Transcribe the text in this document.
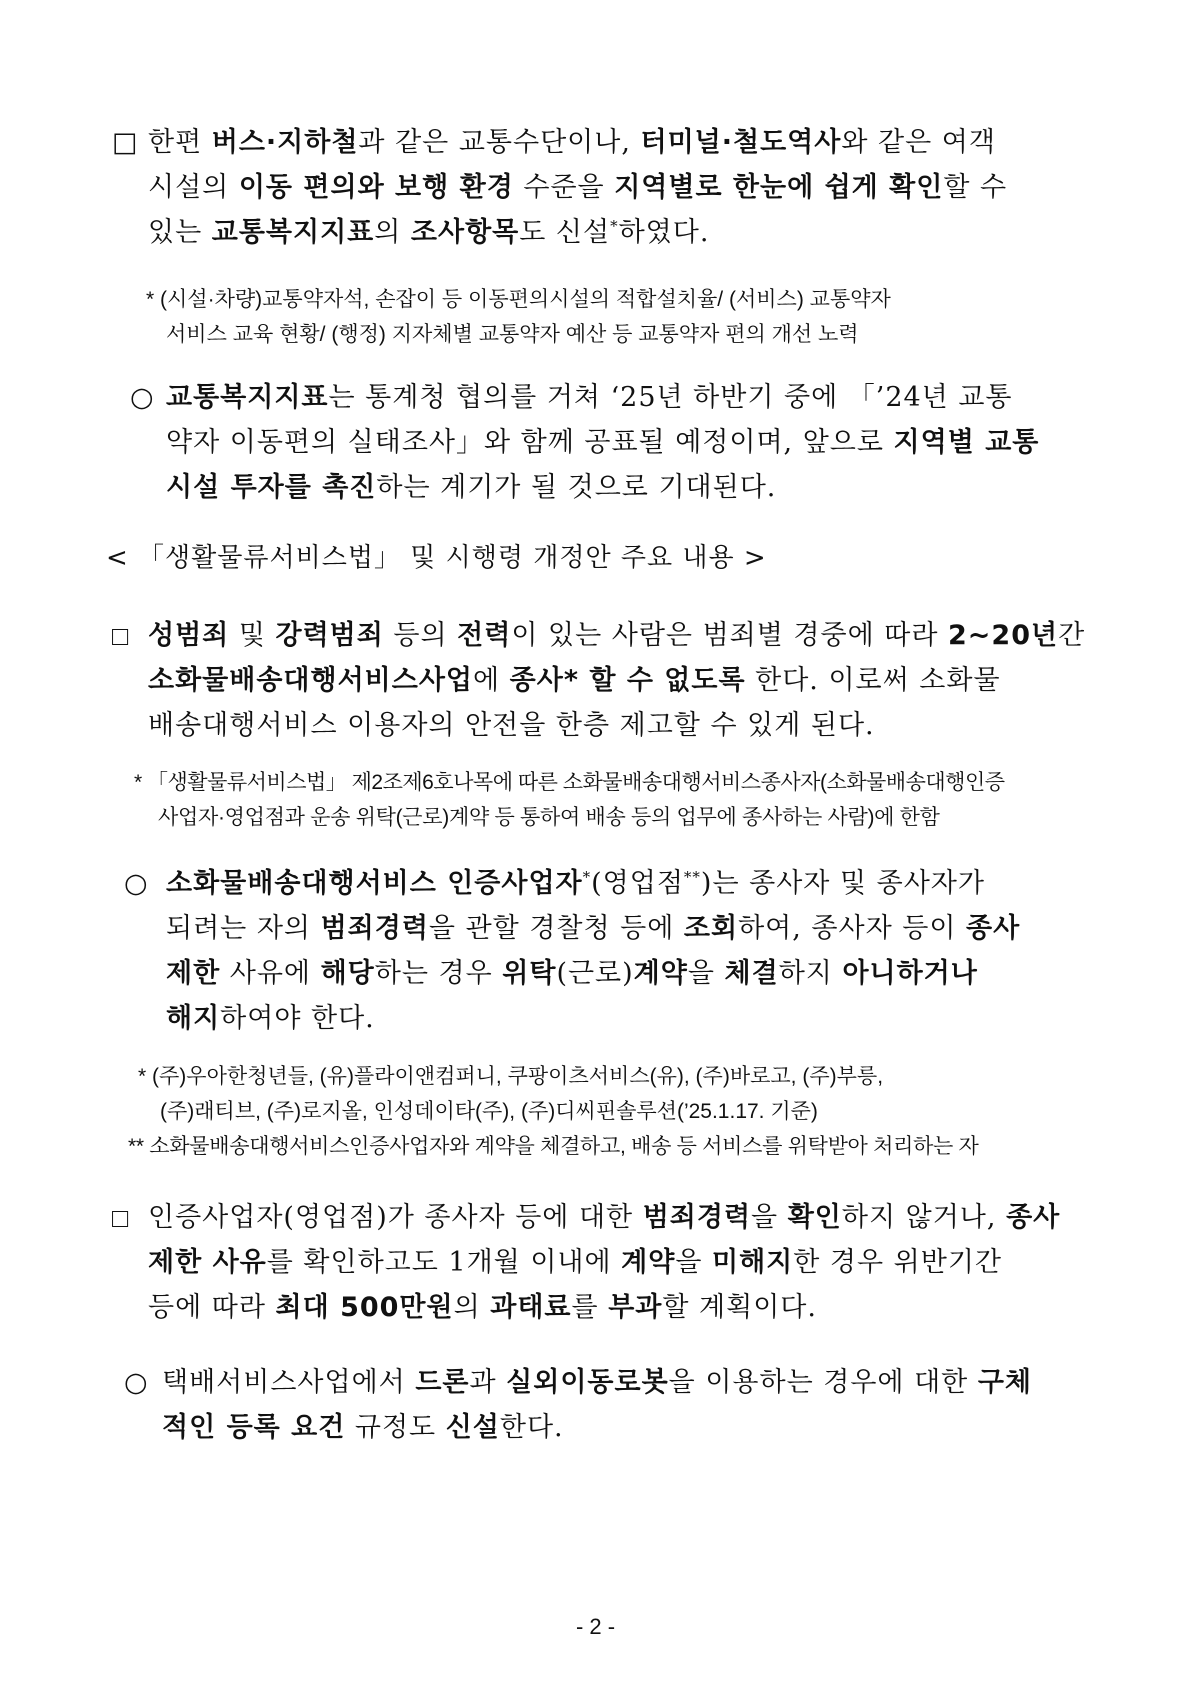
□ 한편 버스·지하철과 같은 교통수단이나, 터미널·철도역사와 같은 여객
시설의 이동 편의와 보행 환경 수준을 지역별로 한눈에 쉽게 확인할 수
있는 교통복지지표의 조사항목도 신설*하였다.
* (시설·차량)교통약자석, 손잡이 등 이동편의시설의 적합설치율/ (서비스) 교통약자
서비스 교육 현황/ (행정) 지자체별 교통약자 예산 등 교통약자 편의 개선 노력
○ 교통복지지표는 통계청 협의를 거쳐 ‘25년 하반기 중에 「’24년 교통
약자 이동편의 실태조사」와 함께 공표될 예정이며, 앞으로 지역별 교통
시설 투자를 촉진하는 계기가 될 것으로 기대된다.
< 「생활물류서비스법」 및 시행령 개정안 주요 내용 >
□ 성범죄 및 강력범죄 등의 전력이 있는 사람은 범죄별 경중에 따라 2~20년간
소화물배송대행서비스사업에 종사* 할 수 없도록 한다. 이로써 소화물
배송대행서비스 이용자의 안전을 한층 제고할 수 있게 된다.
* 「생활물류서비스법」 제2조제6호나목에 따른 소화물배송대행서비스종사자(소화물배송대행인증
사업자·영업점과 운송 위탁(근로)계약 등 통하여 배송 등의 업무에 종사하는 사람)에 한함
○ 소화물배송대행서비스 인증사업자*(영업점**)는 종사자 및 종사자가
되려는 자의 범죄경력을 관할 경찰청 등에 조회하여, 종사자 등이 종사
제한 사유에 해당하는 경우 위탁(근로)계약을 체결하지 아니하거나
해지하여야 한다.
* (주)우아한청년들, (유)플라이앤컴퍼니, 쿠팡이츠서비스(유), (주)바로고, (주)부릉,
(주)래티브, (주)로지올, 인성데이타(주), (주)디씨핀솔루션(’25.1.17. 기준)
** 소화물배송대행서비스인증사업자와 계약을 체결하고, 배송 등 서비스를 위탁받아 처리하는 자
□ 인증사업자(영업점)가 종사자 등에 대한 범죄경력을 확인하지 않거나, 종사
제한 사유를 확인하고도 1개월 이내에 계약을 미해지한 경우 위반기간
등에 따라 최대 500만원의 과태료를 부과할 계획이다.
○ 택배서비스사업에서 드론과 실외이동로봇을 이용하는 경우에 대한 구체
적인 등록 요건 규정도 신설한다.
- 2 -
